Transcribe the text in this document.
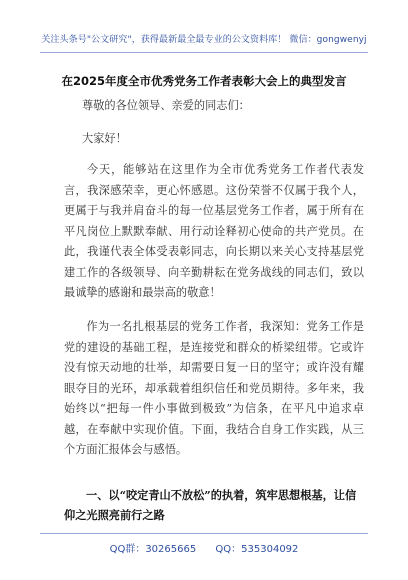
关注头条号"公文研究"，获得最新最全最专业的公文资料库！ 微信：gongwenyj
在2025年度全市优秀党务工作者表彰大会上的典型发言
尊敬的各位领导、亲爱的同志们：
大家好！
今天，能够站在这里作为全市优秀党务工作者代表发言，我深感荣幸，更心怀感恩。这份荣誉不仅属于我个人，更属于与我并肩奋斗的每一位基层党务工作者，属于所有在平凡岗位上默默奉献、用行动诠释初心使命的共产党员。在此，我谨代表全体受表彰同志，向长期以来关心支持基层党建工作的各级领导、向辛勤耕耘在党务战线的同志们，致以最诚挚的感谢和最崇高的敬意！
作为一名扎根基层的党务工作者，我深知：党务工作是党的建设的基础工程，是连接党和群众的桥梁纽带。它或许没有惊天动地的壮举，却需要日复一日的坚守；或许没有耀眼夺目的光环，却承载着组织信任和党员期待。多年来，我始终以“把每一件小事做到极致”为信条，在平凡中追求卓越，在奉献中实现价值。下面，我结合自身工作实践，从三个方面汇报体会与感悟。
一、以“咬定青山不放松”的执着，筑牢思想根基，让信仰之光照亮前行之路
QQ群：30265665 QQ：535304092
